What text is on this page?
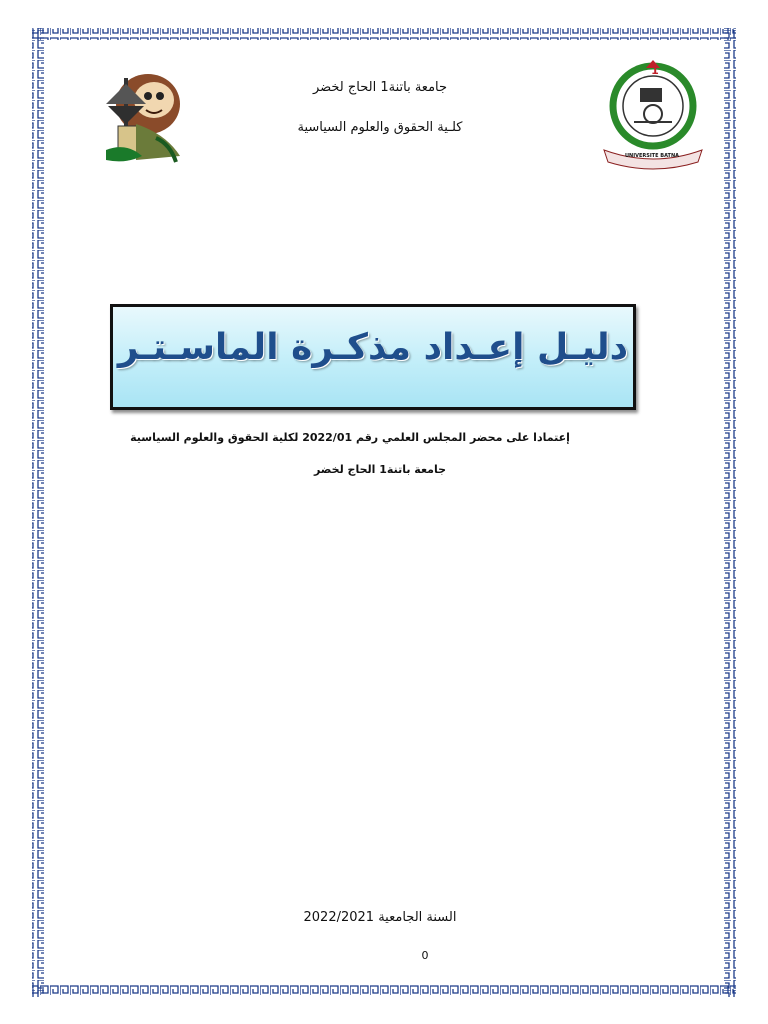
1
UNIVERSITE BATNA
جامعة باتنة1 الحاج لخضر
كلـية الحقوق والعلوم السياسية
دليـل إعـداد مذكـرة الماسـتـر
إعتمادا على محضر المجلس العلمي رقم 2022/01 لكلية الحقوق والعلوم السياسية
جامعة باتنة1 الحاج لخضر
السنة الجامعية 2022/2021
0
